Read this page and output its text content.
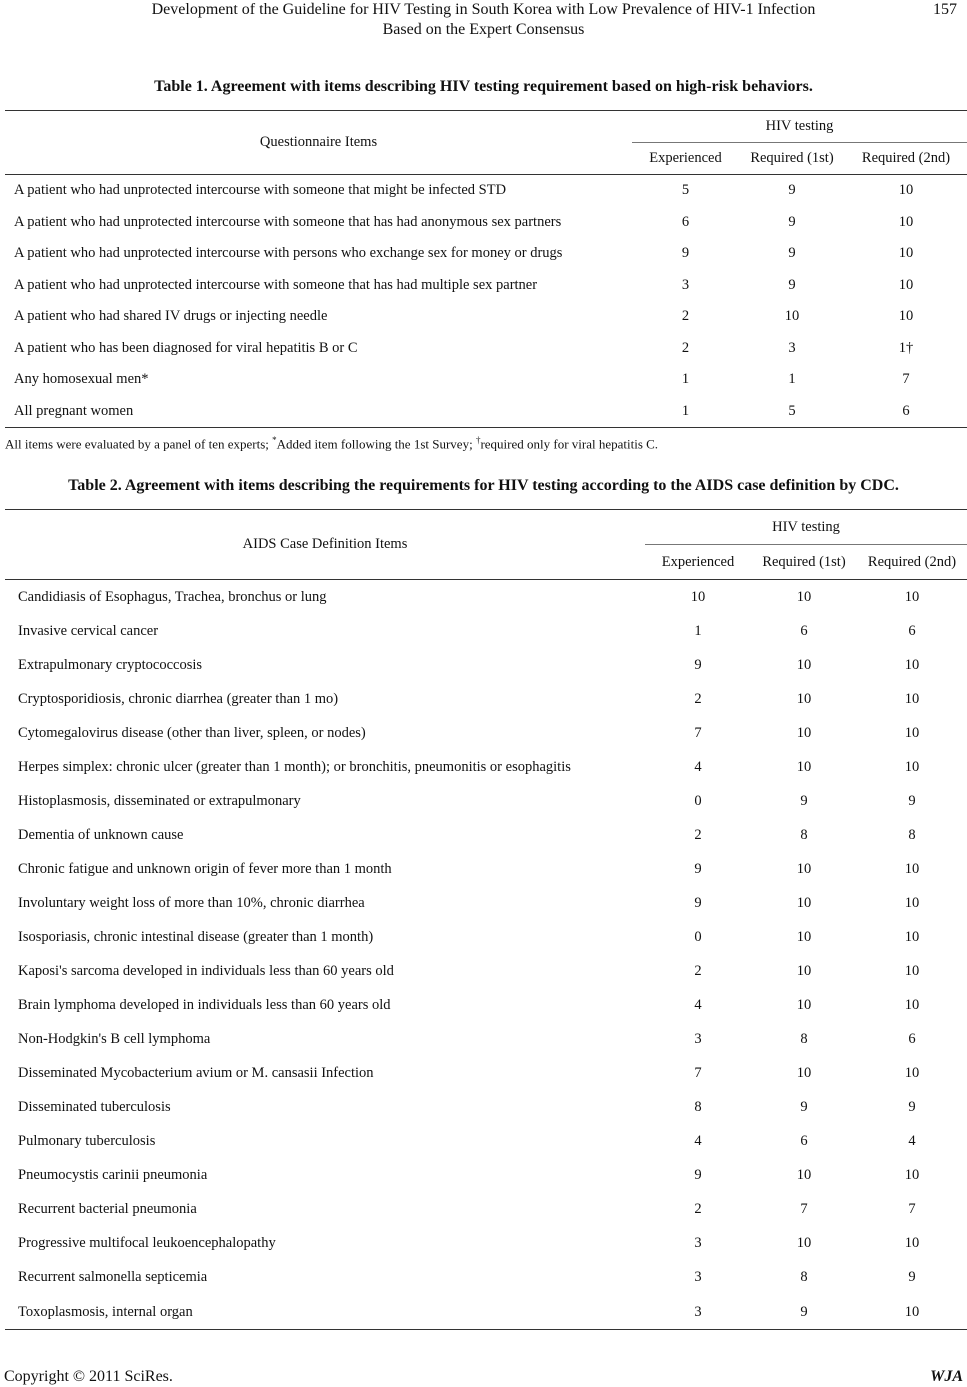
Development of the Guideline for HIV Testing in South Korea with Low Prevalence of HIV-1 Infection
Based on the Expert Consensus
157
Table 1. Agreement with items describing HIV testing requirement based on high-risk behaviors.
Questionnaire Items	HIV testing		
	Experienced	Required (1st)	Required (2nd)
A patient who had unprotected intercourse with someone that might be infected STD	5	9	10
A patient who had unprotected intercourse with someone that has had anonymous sex partners	6	9	10
A patient who had unprotected intercourse with persons who exchange sex for money or drugs	9	9	10
A patient who had unprotected intercourse with someone that has had multiple sex partner	3	9	10
A patient who had shared IV drugs or injecting needle	2	10	10
A patient who has been diagnosed for viral hepatitis B or C	2	3	1†
Any homosexual men*	1	1	7
All pregnant women	1	5	6
All items were evaluated by a panel of ten experts; *Added item following the 1st Survey; †required only for viral hepatitis C.
Table 2. Agreement with items describing the requirements for HIV testing according to the AIDS case definition by CDC.
AIDS Case Definition Items	HIV testing		
	Experienced	Required (1st)	Required (2nd)
Candidiasis of Esophagus, Trachea, bronchus or lung	10	10	10
Invasive cervical cancer	1	6	6
Extrapulmonary cryptococcosis	9	10	10
Cryptosporidiosis, chronic diarrhea (greater than 1 mo)	2	10	10
Cytomegalovirus disease (other than liver, spleen, or nodes)	7	10	10
Herpes simplex: chronic ulcer (greater than 1 month); or bronchitis, pneumonitis or esophagitis	4	10	10
Histoplasmosis, disseminated or extrapulmonary	0	9	9
Dementia of unknown cause	2	8	8
Chronic fatigue and unknown origin of fever more than 1 month	9	10	10
Involuntary weight loss of more than 10%, chronic diarrhea	9	10	10
Isosporiasis, chronic intestinal disease (greater than 1 month)	0	10	10
Kaposi's sarcoma developed in individuals less than 60 years old	2	10	10
Brain lymphoma developed in individuals less than 60 years old	4	10	10
Non-Hodgkin's B cell lymphoma	3	8	6
Disseminated Mycobacterium avium or M. cansasii Infection	7	10	10
Disseminated tuberculosis	8	9	9
Pulmonary tuberculosis	4	6	4
Pneumocystis carinii pneumonia	9	10	10
Recurrent bacterial pneumonia	2	7	7
Progressive multifocal leukoencephalopathy	3	10	10
Recurrent salmonella septicemia	3	8	9
Toxoplasmosis, internal organ	3	9	10
Copyright © 2011 SciRes.	WJA
